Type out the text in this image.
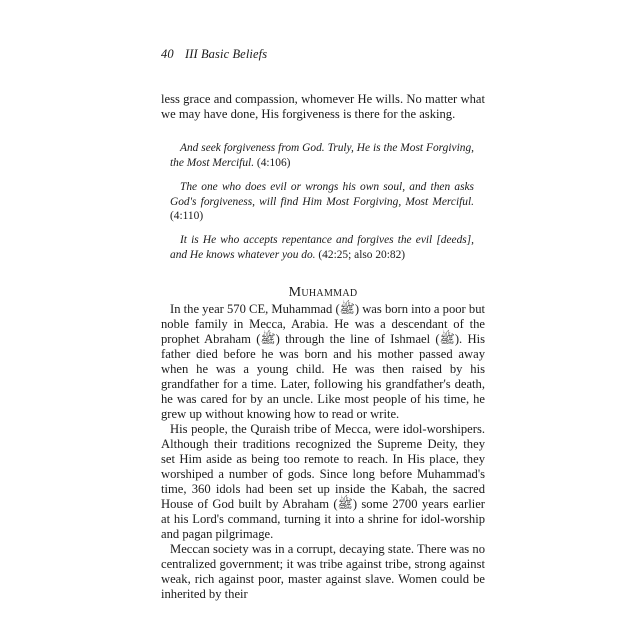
40 III Basic Beliefs

less grace and compassion, whomever He wills. No matter what we may have done, His forgiveness is there for the asking.

And seek forgiveness from God. Truly, He is the Most Forgiving, the Most Merciful. (4:106)

The one who does evil or wrongs his own soul, and then asks God's forgiveness, will find Him Most Forgiving, Most Merciful. (4:110)

It is He who accepts repentance and forgives the evil [deeds], and He knows whatever you do. (42:25; also 20:82)

Muhammad

In the year 570 CE, Muhammad (ﷺ) was born into a poor but noble family in Mecca, Arabia. He was a descendant of the prophet Abraham (ﷺ) through the line of Ishmael (ﷺ). His father died before he was born and his mother passed away when he was a young child. He was then raised by his grandfather for a time. Later, following his grandfather's death, he was cared for by an uncle. Like most people of his time, he grew up without knowing how to read or write.

His people, the Quraish tribe of Mecca, were idol-worshipers. Although their traditions recognized the Supreme Deity, they set Him aside as being too remote to reach. In His place, they worshiped a number of gods. Since long before Muhammad's time, 360 idols had been set up inside the Kabah, the sacred House of God built by Abraham (ﷺ) some 2700 years earlier at his Lord's command, turning it into a shrine for idol-worship and pagan pilgrimage.

Meccan society was in a corrupt, decaying state. There was no centralized government; it was tribe against tribe, strong against weak, rich against poor, master against slave. Women could be inherited by their
